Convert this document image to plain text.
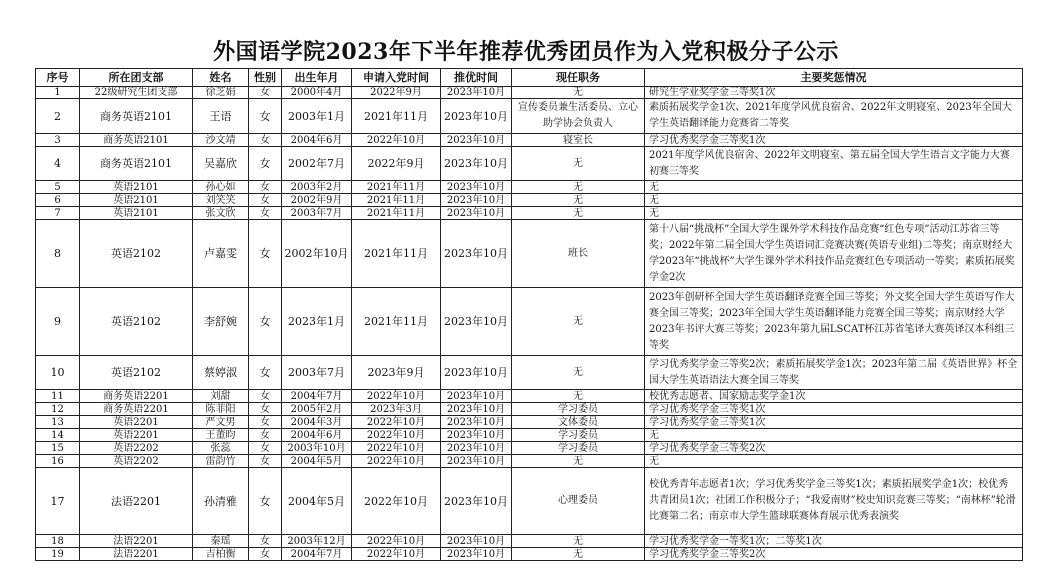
外国语学院2023年下半年推荐优秀团员作为入党积极分子公示
序号	所在团支部	姓名	性别	出生年月	申请入党时间	推优时间	现任职务	主要奖惩情况
1	22级研究生团支部	徐芝娟	女	2000年4月	2022年9月	2023年10月	无	研究生学业奖学金三等奖1次
2	商务英语2101	王语	女	2003年1月	2021年11月	2023年10月	宣传委员兼生活委员、立心助学协会负责人	素质拓展奖学金1次、2021年度学风优良宿舍、2022年文明寝室、2023年全国大学生英语翻译能力竞赛省二等奖
3	商务英语2101	沙文靖	女	2004年6月	2022年10月	2023年10月	寝室长	学习优秀奖学金三等奖1次
4	商务英语2101	吴嘉欣	女	2002年7月	2022年9月	2023年10月	无	2021年度学风优良宿舍、2022年文明寝室、第五届全国大学生语言文字能力大赛初赛三等奖
5	英语2101	孙心如	女	2003年2月	2021年11月	2023年10月	无	无
6	英语2101	刘笑笑	女	2002年9月	2021年11月	2023年10月	无	无
7	英语2101	张文欣	女	2003年7月	2021年11月	2023年10月	无	无
8	英语2102	卢嘉雯	女	2002年10月	2021年11月	2023年10月	班长	第十八届“挑战杯”全国大学生课外学术科技作品竞赛“红色专项”活动江苏省三等奖；2022年第二届全国大学生英语词汇竞赛决赛(英语专业组)二等奖；南京财经大学2023年“挑战杯”大学生课外学术科技作品竞赛红色专项活动一等奖；素质拓展奖学金2次
9	英语2102	李舒婉	女	2023年1月	2021年11月	2023年10月	无	2023年创研杯全国大学生英语翻译竞赛全国三等奖；外文奖全国大学生英语写作大赛全国三等奖；2023年全国大学生英语翻译能力竞赛全国三等奖；南京财经大学2023年书评大赛三等奖；2023年第九届LSCAT杯江苏省笔译大赛英译汉本科组三等奖
10	英语2102	蔡婷淑	女	2003年7月	2023年9月	2023年10月	无	学习优秀奖学金三等奖2次；素质拓展奖学金1次；2023年第二届《英语世界》杯全国大学生英语语法大赛全国三等奖
11	商务英语2201	刘甜	女	2004年7月	2022年10月	2023年10月	无	校优秀志愿者、国家励志奖学金1次
12	商务英语2201	陈菲阳	女	2005年2月	2023年3月	2023年10月	学习委员	学习优秀奖学金三等奖1次
13	英语2201	严文男	女	2004年3月	2022年10月	2023年10月	文体委员	学习优秀奖学金三等奖1次
14	英语2201	王董昀	女	2004年6月	2022年10月	2023年10月	学习委员	无
15	英语2202	张蕊	女	2003年10月	2022年10月	2023年10月	学习委员	学习优秀奖学金三等奖2次
16	英语2202	雷韵竹	女	2004年5月	2022年10月	2023年10月	无	无
17	法语2201	孙清雅	女	2004年5月	2022年10月	2023年10月	心理委员	校优秀青年志愿者1次；学习优秀奖学金三等奖1次；素质拓展奖学金1次；校优秀共青团员1次；社团工作积极分子；“我爱南财”校史知识竞赛三等奖；“南林杯”轮滑比赛第二名；南京市大学生篮球联赛体育展示优秀表演奖
18	法语2201	秦瑶	女	2003年12月	2022年10月	2023年10月	无	学习优秀奖学金一等奖1次；二等奖1次
19	法语2201	吉柏衡	女	2004年7月	2022年10月	2023年10月	无	学习优秀奖学金三等奖2次
